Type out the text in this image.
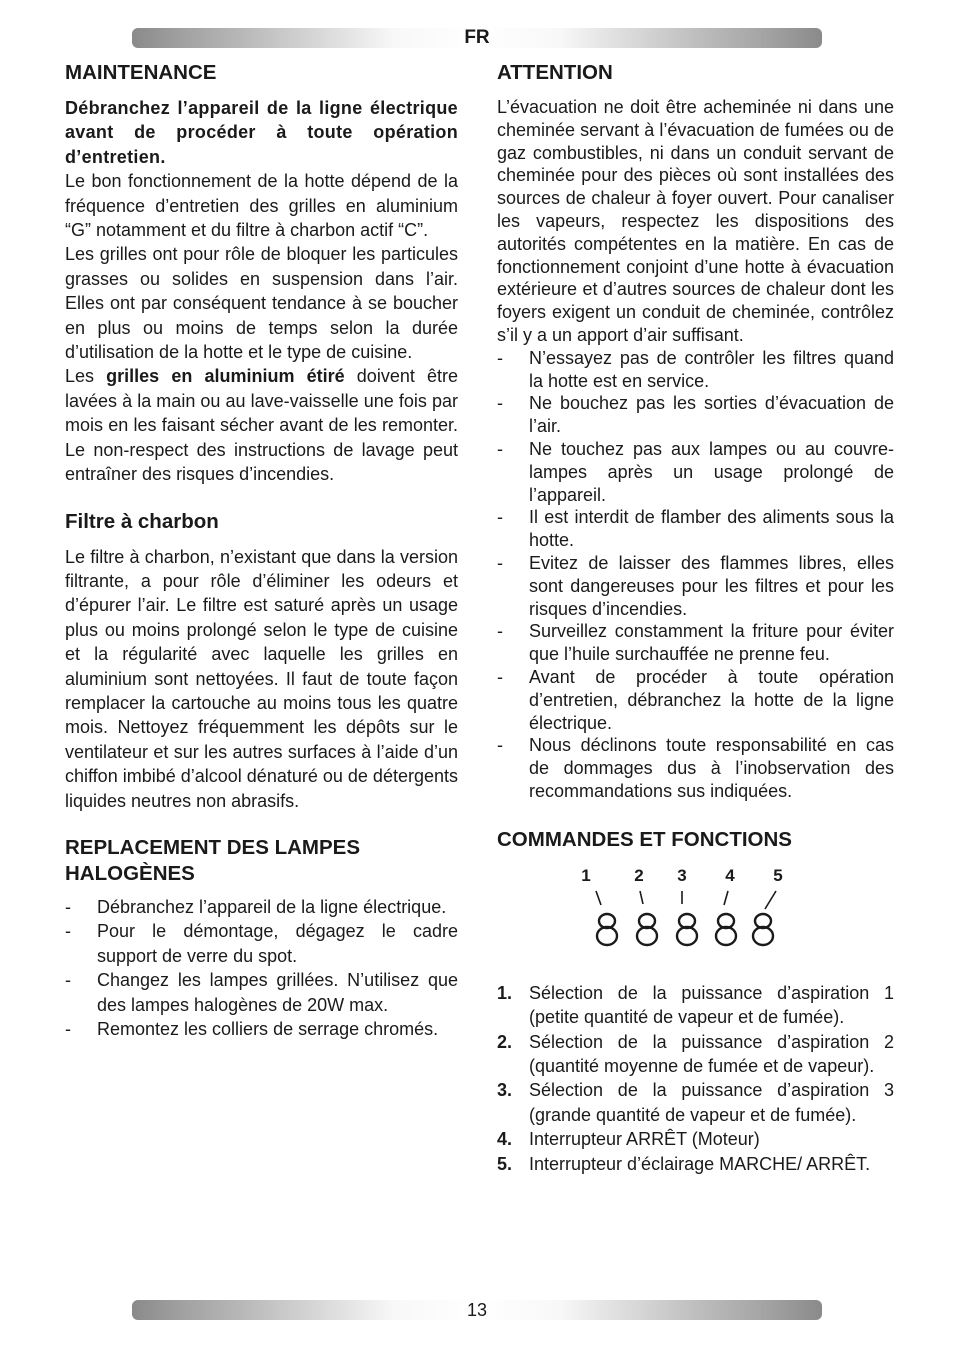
FR
MAINTENANCE

Débranchez l’appareil de la ligne électrique avant de procéder à toute opération d’entretien.

Le bon fonctionnement de la hotte dépend de la fréquence d’entretien des grilles en aluminium “G” notamment et du filtre à charbon actif “C”.

Les grilles ont pour rôle de bloquer les particules grasses ou solides en suspension dans l’air. Elles ont par conséquent tendance à se boucher en plus ou moins de temps selon la durée d’utilisation de la hotte et le type de cuisine.

Les grilles en aluminium étiré doivent être lavées à la main ou au lave-vaisselle une fois par mois en les faisant sécher avant de les remonter. Le non-respect des instructions de lavage peut entraîner des risques d’incendies.

Filtre à charbon

Le filtre à charbon, n’existant que dans la version filtrante, a pour rôle d’éliminer les odeurs et d’épurer l’air. Le filtre est saturé après un usage plus ou moins prolongé selon le type de cuisine et la régularité avec laquelle les grilles en aluminium sont nettoyées. Il faut de toute façon remplacer la cartouche au moins tous les quatre mois. Nettoyez fréquemment les dépôts sur le ventilateur et sur les autres surfaces à l’aide d’un chiffon imbibé d’alcool dénaturé ou de détergents liquides neutres non abrasifs.

REPLACEMENT DES LAMPES HALOGÈNES
- Débranchez l’appareil de la ligne électrique.
- Pour le démontage, dégagez le cadre support de verre du spot.
- Changez les lampes grillées. N’utilisez que des lampes halogènes de 20W max.
- Remontez les colliers de serrage chromés.
ATTENTION

L’évacuation ne doit être acheminée ni dans une cheminée servant à l’évacuation de fumées ou de gaz combustibles, ni dans un conduit servant de cheminée pour des pièces où sont installées des sources de chaleur à foyer ouvert. Pour canaliser les vapeurs, respectez les dispositions des autorités compétentes en la matière. En cas de fonctionnement conjoint d’une hotte à évacuation extérieure et d’autres sources de chaleur dont les foyers exigent un conduit de cheminée, contrôlez s’il y a un apport d’air suffisant.

- N’essayez pas de contrôler les filtres quand la hotte est en service.
- Ne bouchez pas les sorties d’évacuation de l’air.
- Ne touchez pas aux lampes ou au couvre-lampes après un usage prolongé de l’appareil.
- Il est interdit de flamber des aliments sous la hotte.
- Evitez de laisser des flammes libres, elles sont dangereuses pour les filtres et pour les risques d’incendies.
- Surveillez constamment la friture pour éviter que l’huile surchauffée ne prenne feu.
- Avant de procéder à toute opération d’entretien, débranchez la hotte de la ligne électrique.
- Nous déclinons toute responsabilité en cas de dommages dus à l’inobservation des recommandations sus indiquées.
COMMANDES ET FONCTIONS
1	2 3 4 5
1. Sélection de la puissance d’aspiration 1 (petite quantité de vapeur et de fumée).
2. Sélection de la puissance d’aspiration 2 (quantité moyenne de fumée et de vapeur).
3. Sélection de la puissance d’aspiration 3 (grande quantité de vapeur et de fumée).
4. Interrupteur ARRÊT (Moteur)
5. Interrupteur d’éclairage MARCHE/ ARRÊT.
13
